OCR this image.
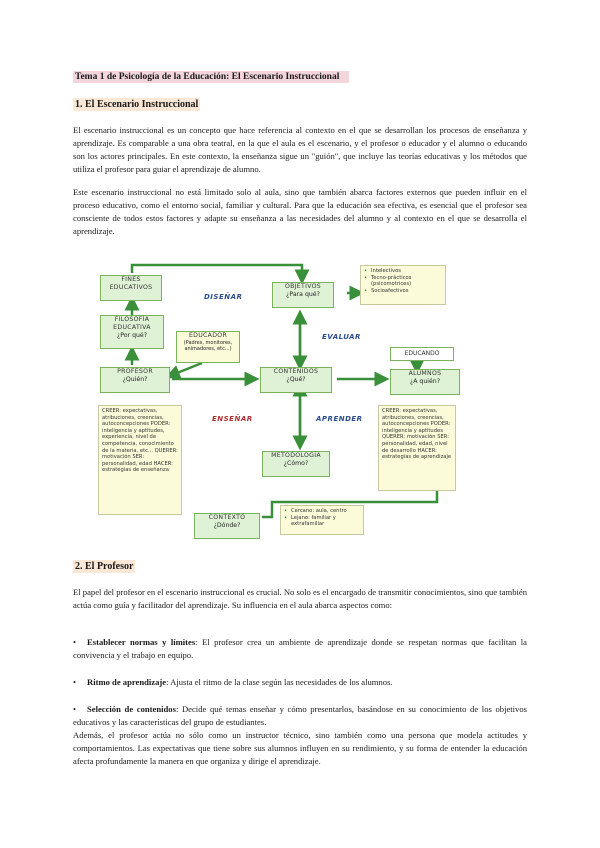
Tema 1 de Psicología de la Educación: El Escenario Instruccional
1. El Escenario Instruccional

El escenario instruccional es un concepto que hace referencia al contexto en el que se desarrollan los procesos de enseñanza y aprendizaje. Es comparable a una obra teatral, en la que el aula es el escenario, y el profesor o educador y el alumno o educando son los actores principales. En este contexto, la enseñanza sigue un "guión", que incluye las teorías educativas y los métodos que utiliza el profesor para guiar el aprendizaje de alumno.

Este escenario instruccional no está limitado solo al aula, sino que también abarca factores externos que pueden influir en el proceso educativo, como el entorno social, familiar y cultural. Para que la educación sea efectiva, es esencial que el profesor sea consciente de todos estos factores y adapte su enseñanza a las necesidades del alumno y al contexto en el que se desarrolla el aprendizaje.

FINES
EDUCATIVOS
FILOSOFÍA
EDUCATIVA
¿Por qué?	EDUCADOR
(Padres, monitores,
animadores, etc...)
PROFESOR
¿Quién?
OBJETIVOS
¿Para qué?
CONTENIDOS
¿Qué?
METODOLOGÍA
¿Cómo?
EDUCANDO
ALUMNOS
¿A quién?
CONTEXTO
¿Dónde?
• Intelectivos
• Tecno-prácticos (psicomotrices)
• Socioafectivos
CREER: expectativas, atribuciones, creencias, autoconcepciones PODER: inteligencia y aptitudes, experiencia, nivel de competencia, conocimiento de la materia, etc... QUERER: motivación SER: personalidad, edad HACER: estrategias de enseñanza
CREER: expectativas, atribuciones, creencias, autoconcepciones PODER: inteligencia y aptitudes QUERER: motivación SER: personalidad, edad, nivel de desarrollo HACER: estrategias de aprendizaje
• Cercano: aula, centro
• Lejano: familiar y extrafamiliar
DISEÑAR
EVALUAR
ENSEÑAR	APRENDER
2. El Profesor

El papel del profesor en el escenario instruccional es crucial. No solo es el encargado de transmitir conocimientos, sino que también actúa como guía y facilitador del aprendizaje. Su influencia en el aula abarca aspectos como:

• Establecer normas y límites: El profesor crea un ambiente de aprendizaje donde se respetan normas que facilitan la convivencia y el trabajo en equipo.

• Ritmo de aprendizaje: Ajusta el ritmo de la clase según las necesidades de los alumnos.

• Selección de contenidos: Decide qué temas enseñar y cómo presentarlos, basándose en su conocimiento de los objetivos educativos y las características del grupo de estudiantes.
Además, el profesor actúa no sólo como un instructor técnico, sino también como una persona que modela actitudes y comportamientos. Las expectativas que tiene sobre sus alumnos influyen en su rendimiento, y su forma de entender la educación afecta profundamente la manera en que organiza y dirige el aprendizaje.
